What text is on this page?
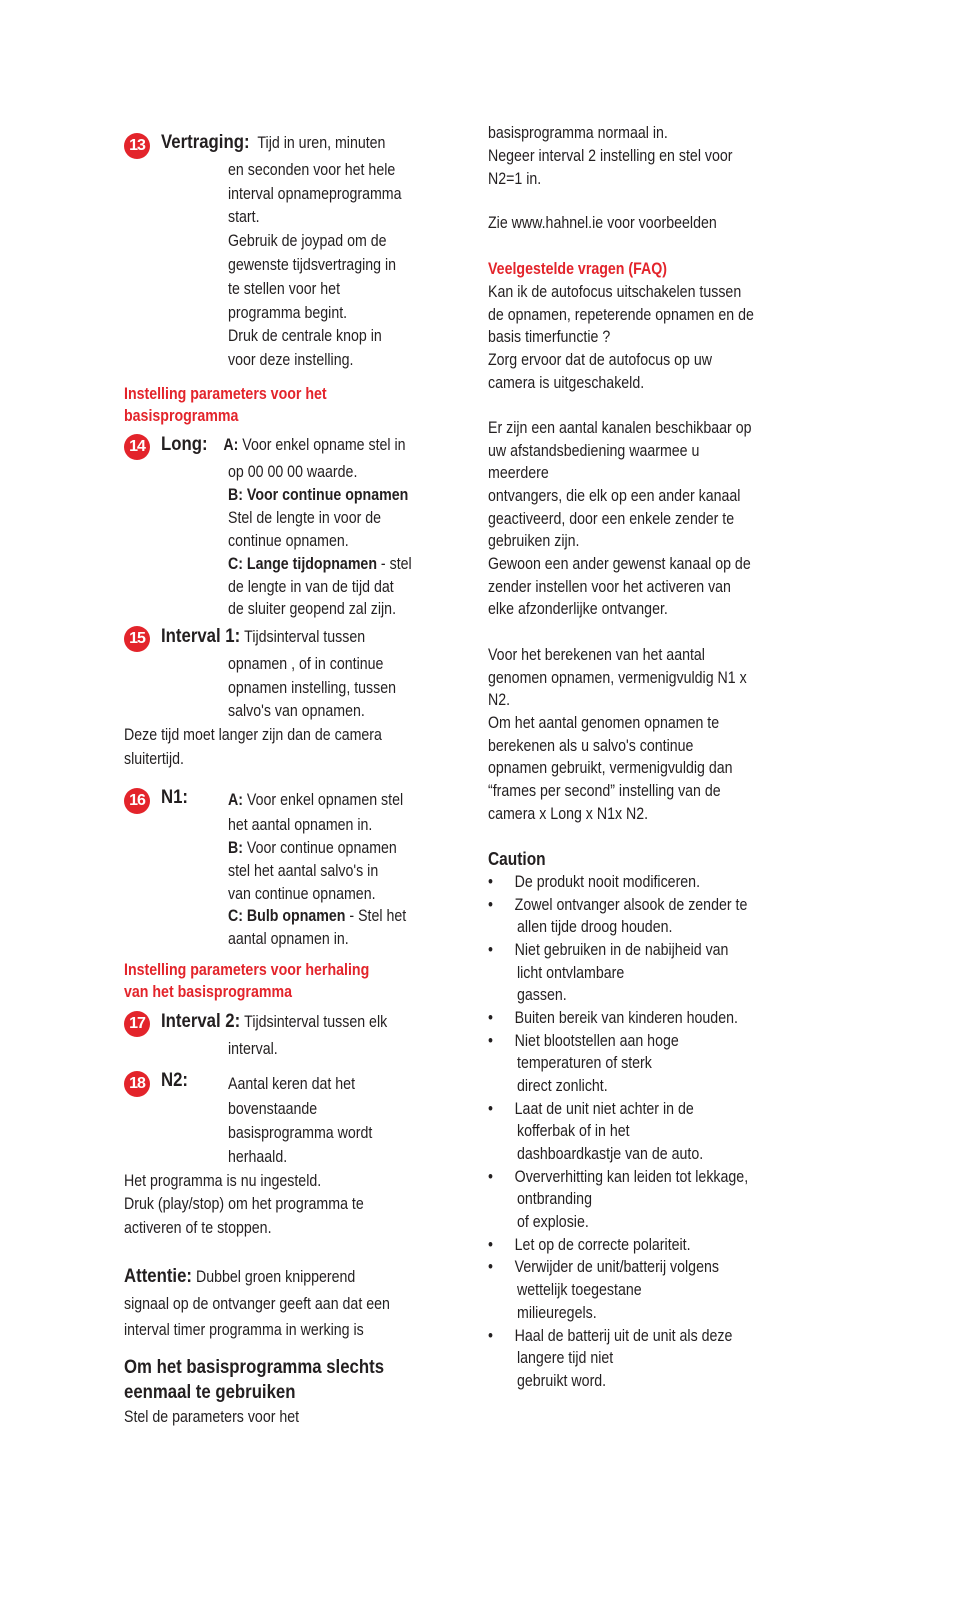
13 Vertraging: Tijd in uren, minuten
en seconden voor het hele
interval opnameprogramma
start.
Gebruik de joypad om de
gewenste tijdsvertraging in
te stellen voor het
programma begint.
Druk de centrale knop in
voor deze instelling.
Instelling parameters voor het
basisprogramma
14 Long: A: Voor enkel opname stel in
op 00 00 00 waarde.
B: Voor continue opnamen
Stel de lengte in voor de
continue opnamen.
C: Lange tijdopnamen - stel
de lengte in van de tijd dat
de sluiter geopend zal zijn.
15 Interval 1: Tijdsinterval tussen
opnamen , of in continue
opnamen instelling, tussen
salvo's van opnamen.
Deze tijd moet langer zijn dan de camera
sluitertijd.
16 N1:	A: Voor enkel opnamen stel
het aantal opnamen in.
B: Voor continue opnamen
stel het aantal salvo's in
van continue opnamen.
C: Bulb opnamen - Stel het
aantal opnamen in.
Instelling parameters voor herhaling
van het basisprogramma
17 Interval 2: Tijdsinterval tussen elk
interval.
18 N2:	Aantal keren dat het
bovenstaande
basisprogramma wordt
herhaald.
Het programma is nu ingesteld.
Druk (play/stop) om het programma te
activeren of te stoppen.
Attentie: Dubbel groen knipperend
signaal op de ontvanger geeft aan dat een
interval timer programma in werking is
Om het basisprogramma slechts
eenmaal te gebruiken
Stel de parameters voor het
basisprogramma normaal in.
Negeer interval 2 instelling en stel voor
N2=1 in.
Zie www.hahnel.ie voor voorbeelden
Veelgestelde vragen (FAQ)
Kan ik de autofocus uitschakelen tussen
de opnamen, repeterende opnamen en de
basis timerfunctie ?
Zorg ervoor dat de autofocus op uw
camera is uitgeschakeld.
Er zijn een aantal kanalen beschikbaar op
uw afstandsbediening waarmee u
meerdere
ontvangers, die elk op een ander kanaal
geactiveerd, door een enkele zender te
gebruiken zijn.
Gewoon een ander gewenst kanaal op de
zender instellen voor het activeren van
elke afzonderlijke ontvanger.
Voor het berekenen van het aantal
genomen opnamen, vermenigvuldig N1 x
N2.
Om het aantal genomen opnamen te
berekenen als u salvo's continue
opnamen gebruikt, vermenigvuldig dan
“frames per second” instelling van de
camera x Long x N1x N2.
Caution
• De produkt nooit modificeren.
• Zowel ontvanger alsook de zender te
allen tijde droog houden.
• Niet gebruiken in de nabijheid van
licht ontvlambare
gassen.
• Buiten bereik van kinderen houden.
• Niet blootstellen aan hoge
temperaturen of sterk
direct zonlicht.
• Laat de unit niet achter in de
kofferbak of in het
dashboardkastje van de auto.
• Oververhitting kan leiden tot lekkage,
ontbranding
of explosie.
• Let op de correcte polariteit.
• Verwijder de unit/batterij volgens
wettelijk toegestane
milieuregels.
• Haal de batterij uit de unit als deze
langere tijd niet
gebruikt word.
